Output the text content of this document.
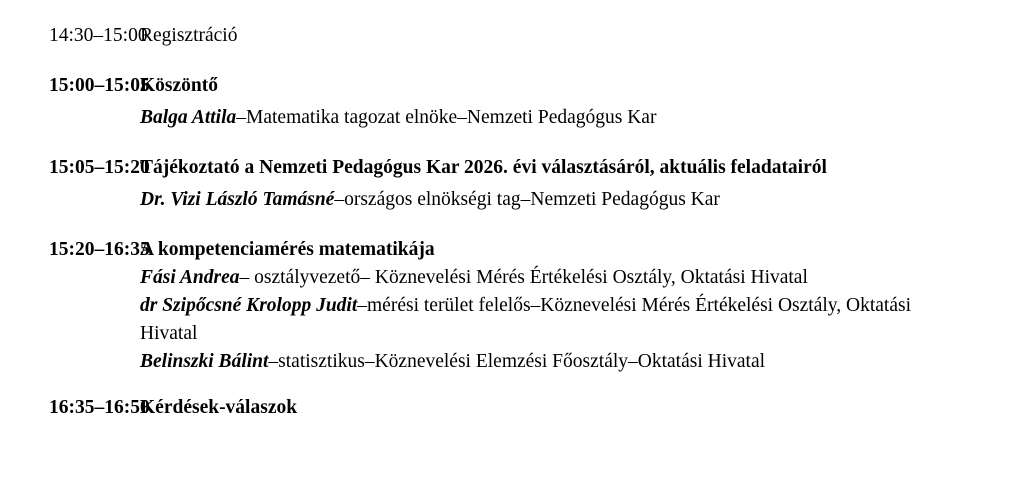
14:30–15:00

Regisztráció

15:00–15:05

Köszöntő

Balga Attila–Matematika tagozat elnöke–Nemzeti Pedagógus Kar

15:05–15:20

Tájékoztató a Nemzeti Pedagógus Kar 2026. évi választásáról, aktuális feladatairól

Dr. Vizi László Tamásné–országos elnökségi tag–Nemzeti Pedagógus Kar

15:20–16:35

A kompetenciamérés matematikája

Fási Andrea– osztályvezető– Köznevelési Mérés Értékelési Osztály, Oktatási Hivatal

dr Szipőcsné Krolopp Judit–mérési terület felelős–Köznevelési Mérés Értékelési Osztály, Oktatási Hivatal

Belinszki Bálint–statisztikus–Köznevelési Elemzési Főosztály–Oktatási Hivatal

16:35–16:50

Kérdések-válaszok
